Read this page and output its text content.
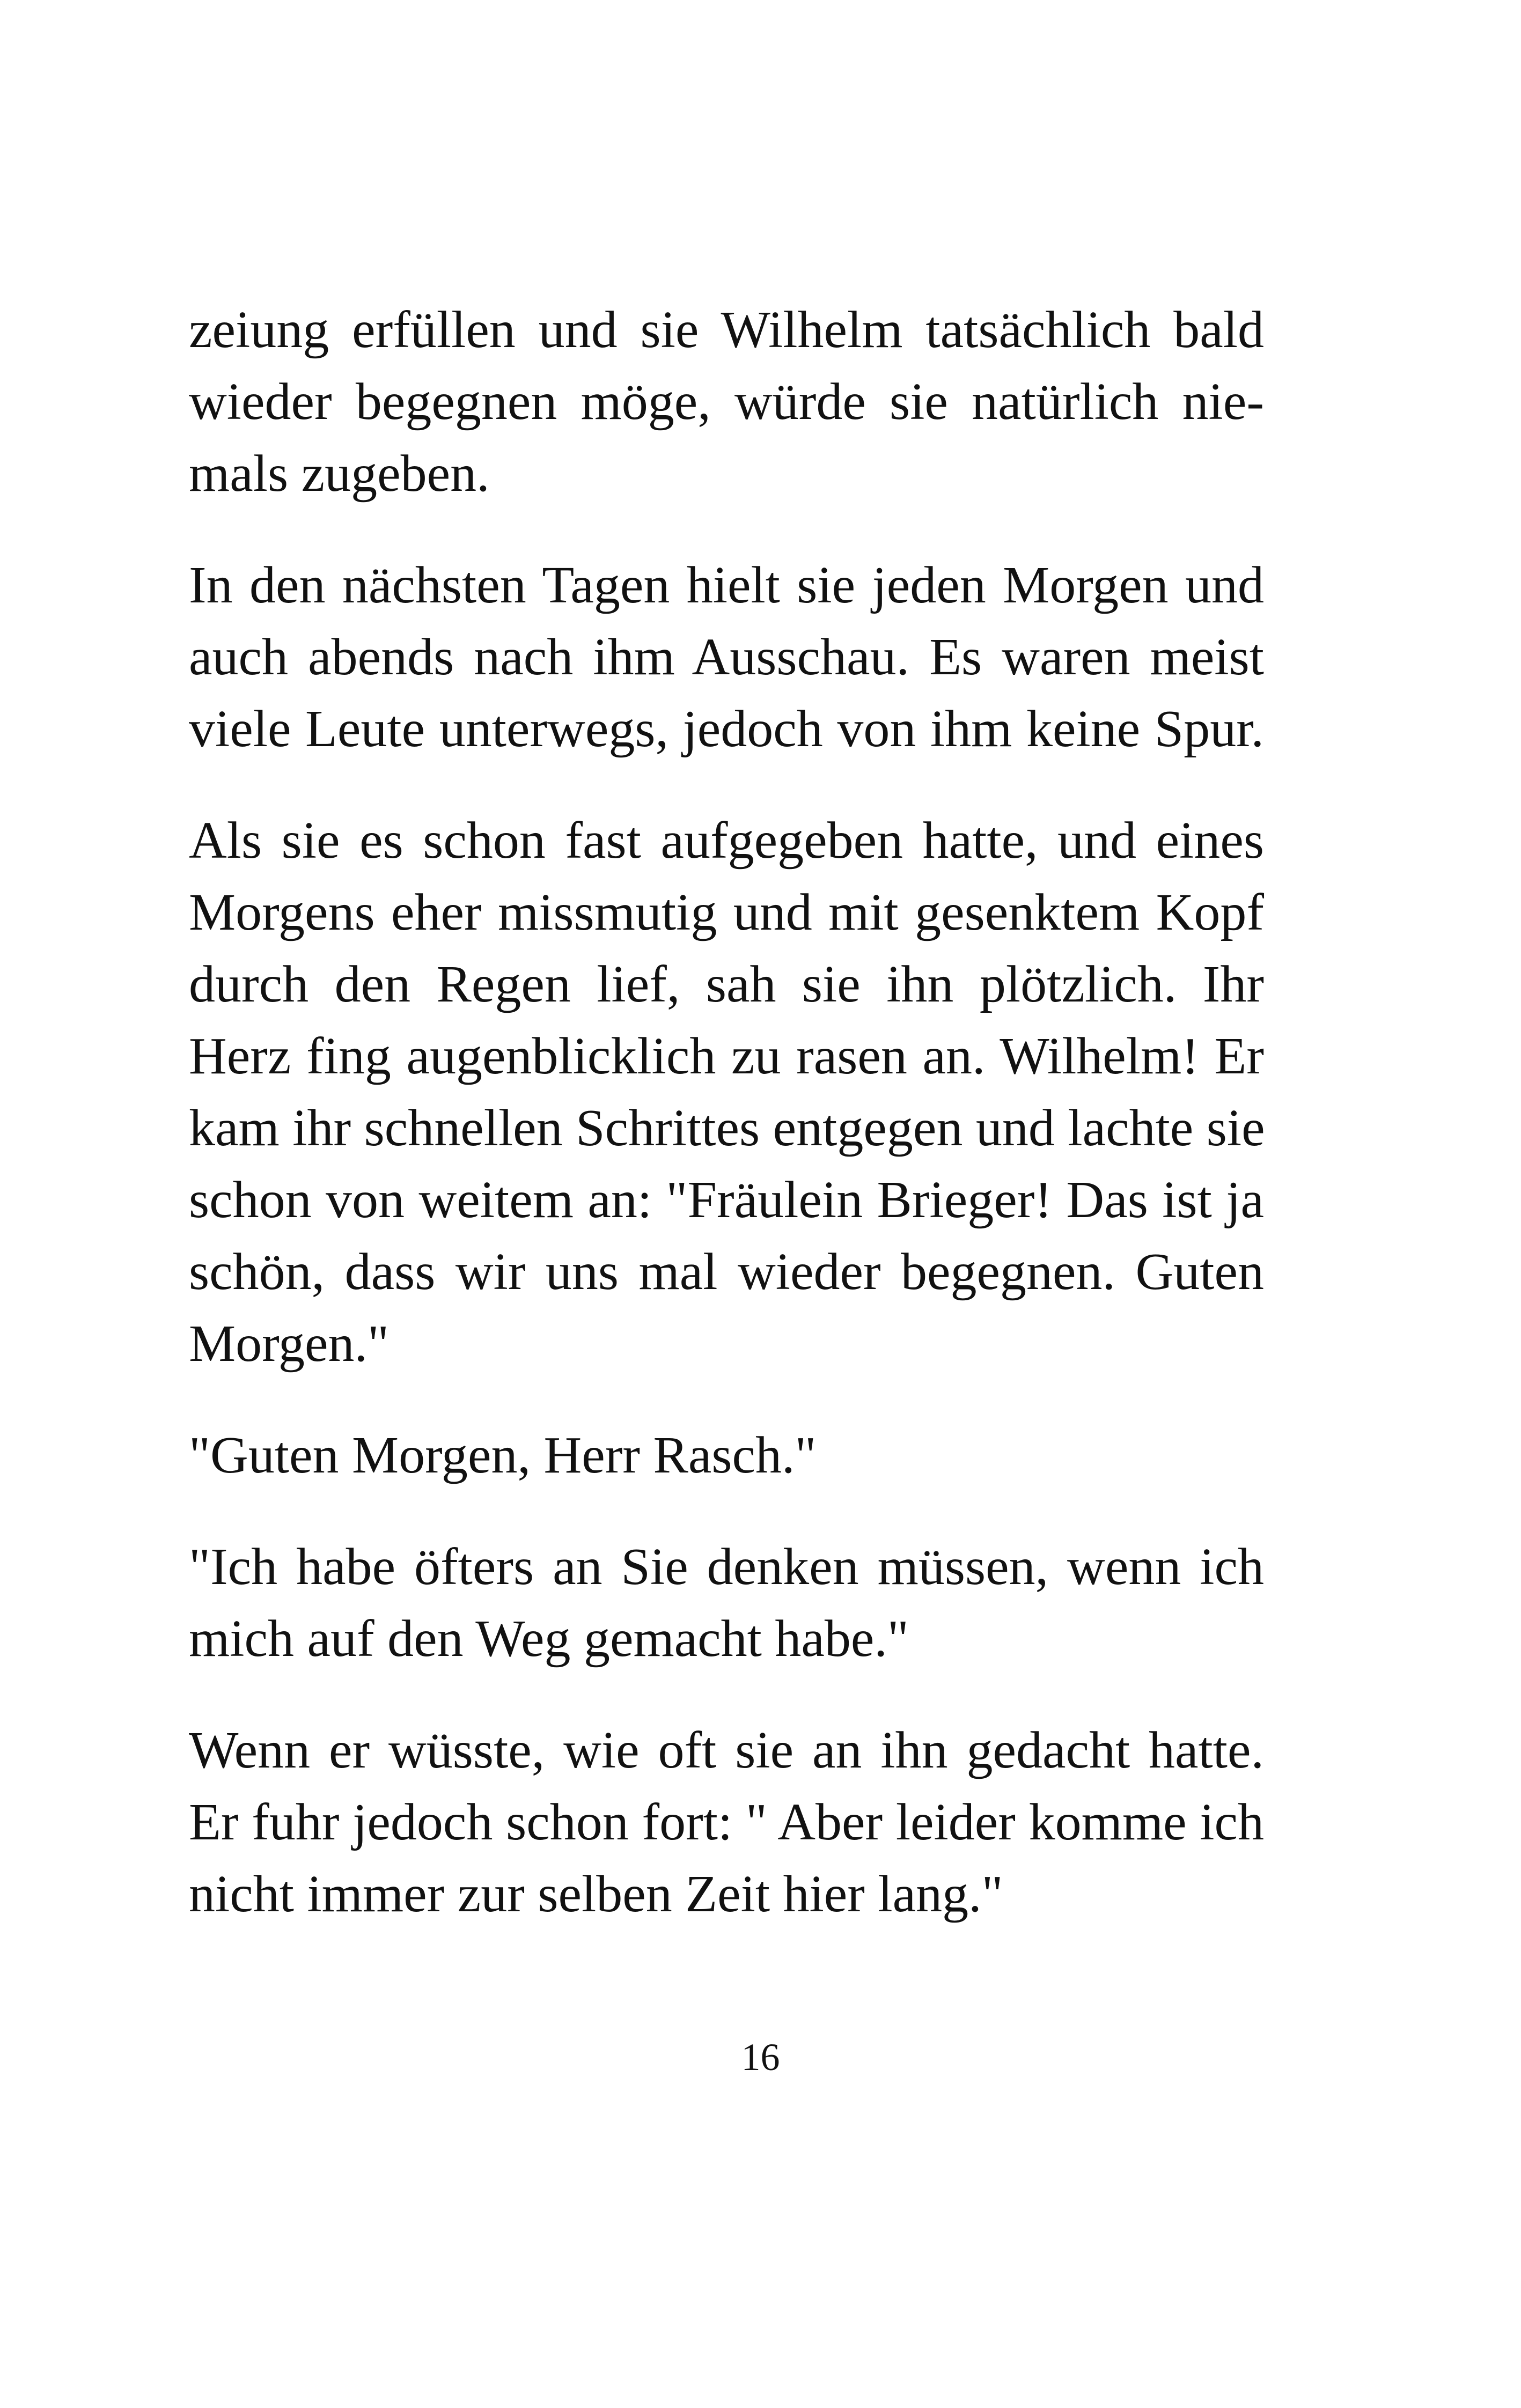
zeiung erfüllen und sie Wilhelm tatsächlich bald
wieder begegnen möge, würde sie natürlich nie-
mals zugeben.

In den nächsten Tagen hielt sie jeden Morgen und
auch abends nach ihm Ausschau. Es waren meist
viele Leute unterwegs, jedoch von ihm keine Spur.

Als sie es schon fast aufgegeben hatte, und eines
Morgens eher missmutig und mit gesenktem Kopf
durch den Regen lief, sah sie ihn plötzlich. Ihr
Herz fing augenblicklich zu rasen an. Wilhelm! Er
kam ihr schnellen Schrittes entgegen und lachte sie
schon von weitem an: "Fräulein Brieger! Das ist ja
schön, dass wir uns mal wieder begegnen. Guten
Morgen."

"Guten Morgen, Herr Rasch."

"Ich habe öfters an Sie denken müssen, wenn ich
mich auf den Weg gemacht habe."

Wenn er wüsste, wie oft sie an ihn gedacht hatte.
Er fuhr jedoch schon fort: " Aber leider komme ich
nicht immer zur selben Zeit hier lang."

16
